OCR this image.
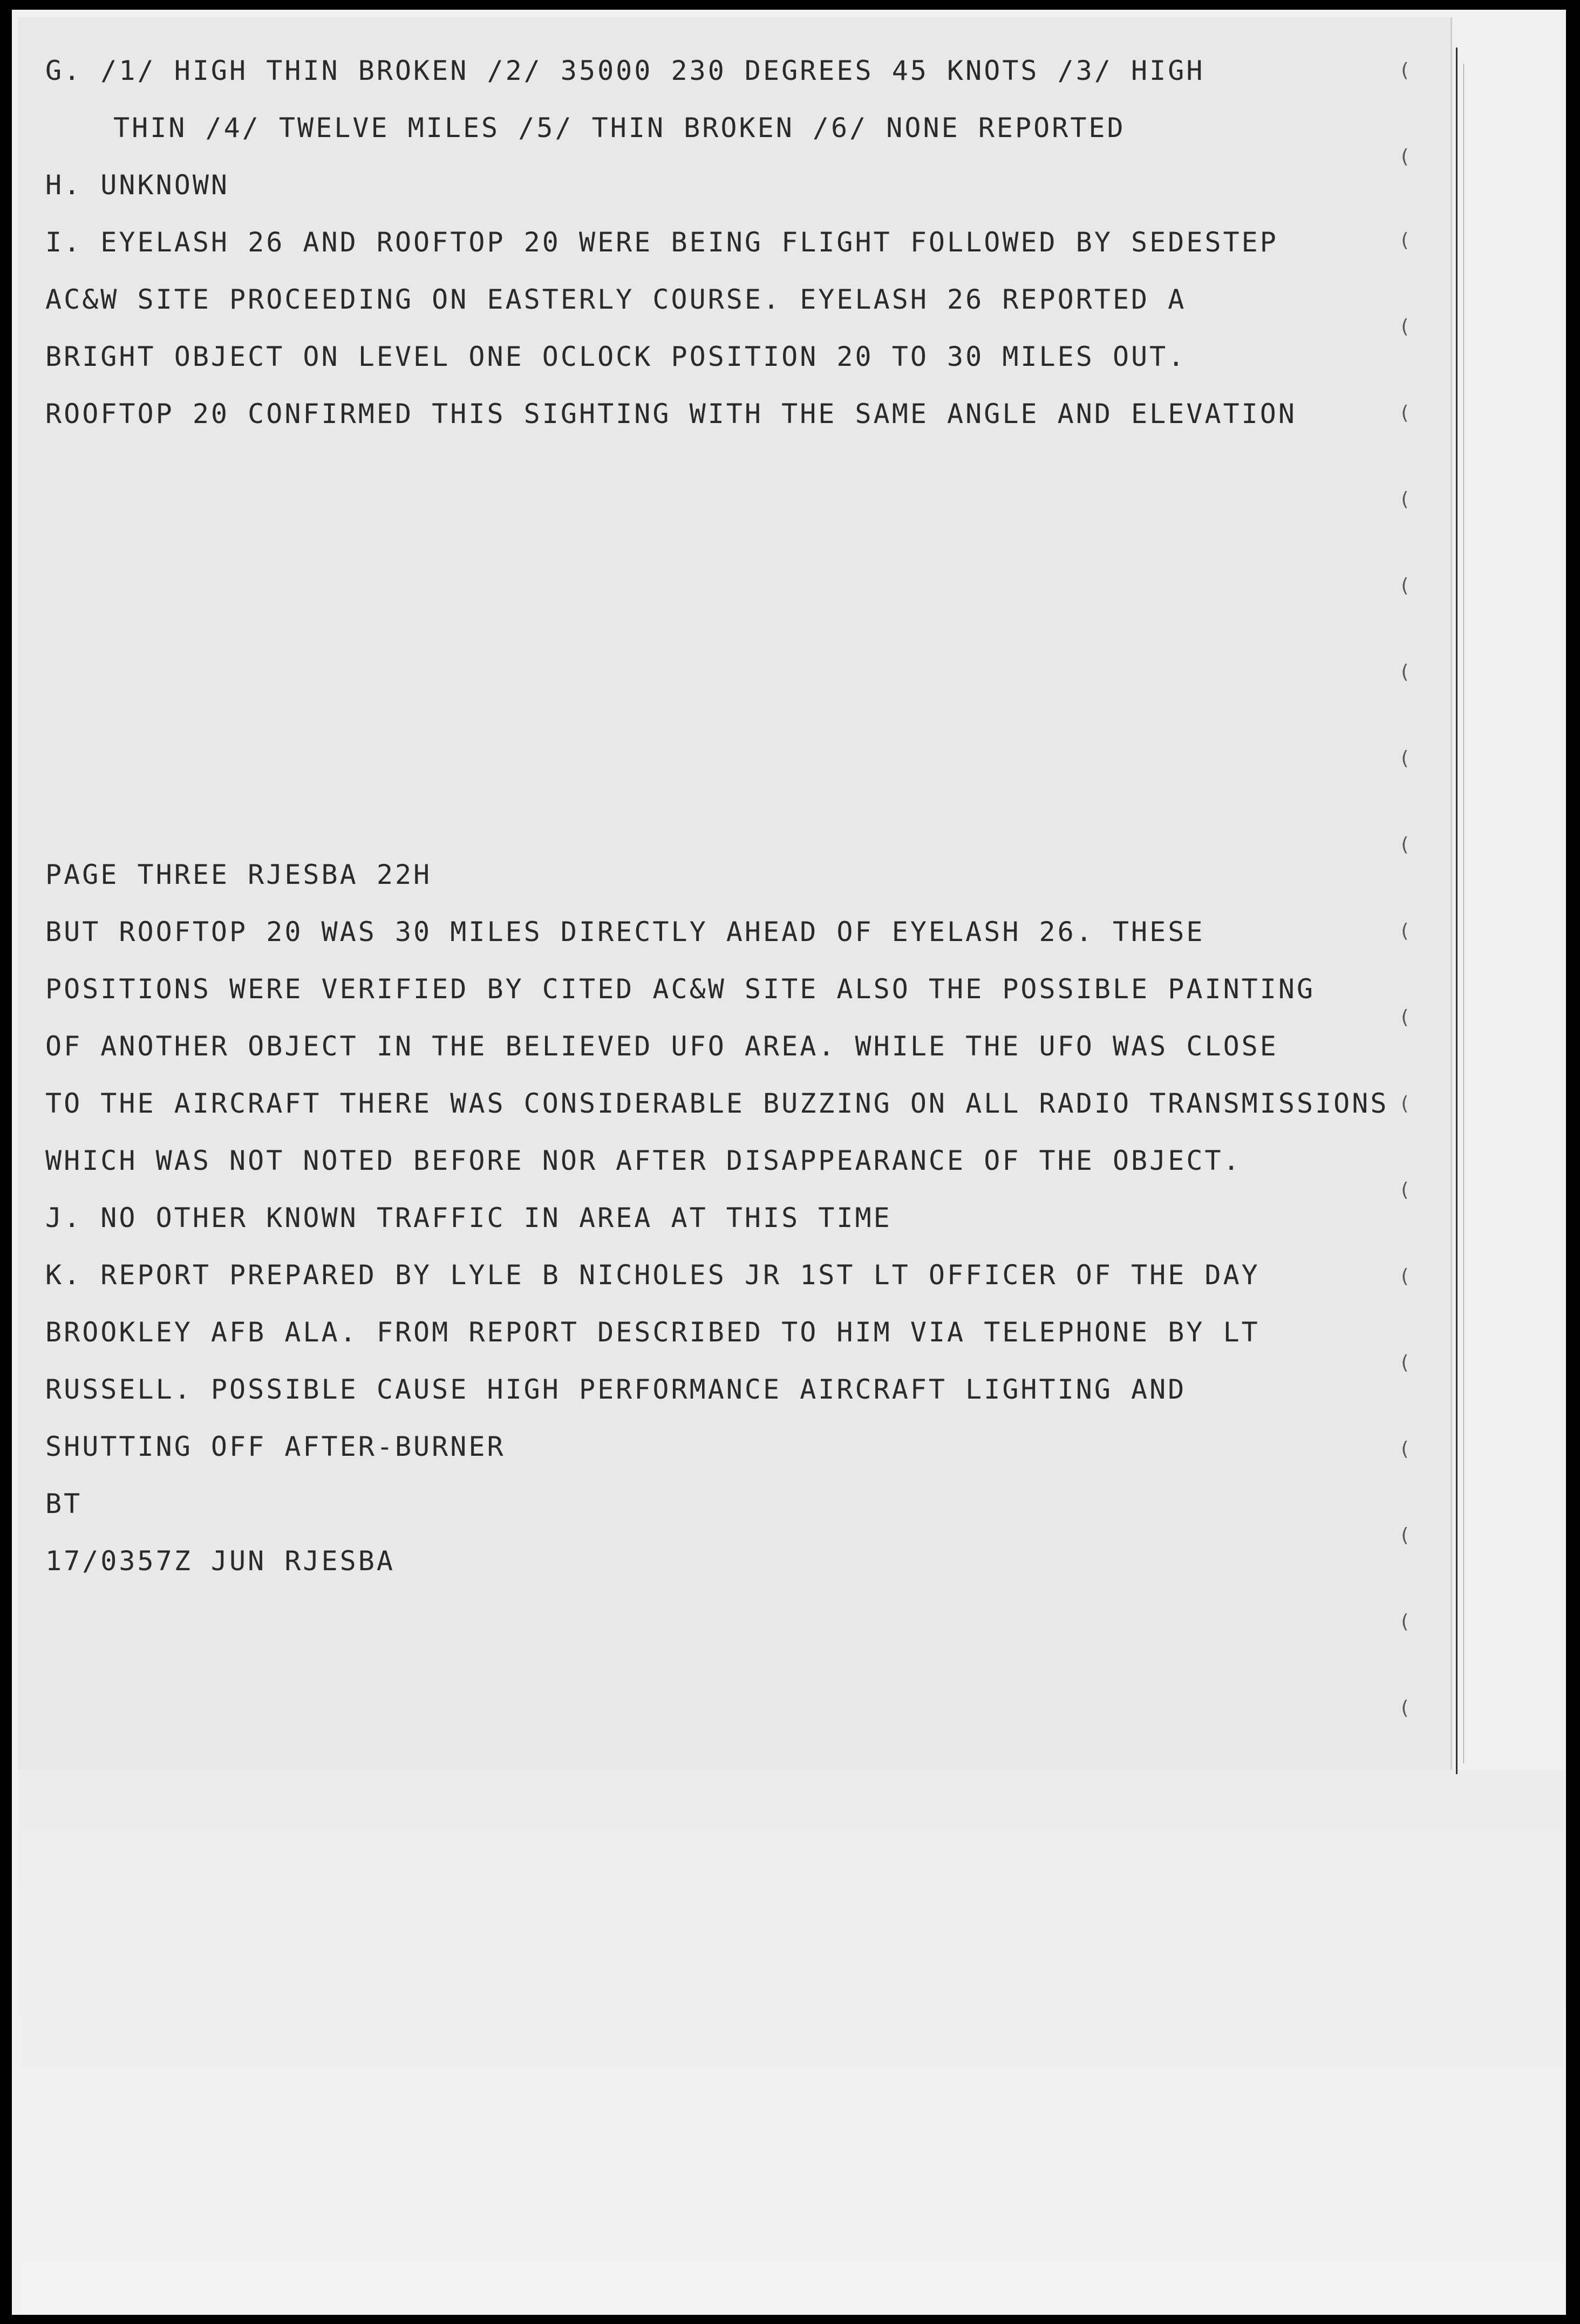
(
(
(
(
(
(
(
(
(
(
(
(
(
(
(
(
(
(
(
(

G. /1/ HIGH THIN BROKEN /2/ 35000 230 DEGREES 45 KNOTS /3/ HIGH

THIN /4/ TWELVE MILES /5/ THIN BROKEN /6/ NONE REPORTED

H. UNKNOWN

I. EYELASH 26 AND ROOFTOP 20 WERE BEING FLIGHT FOLLOWED BY SEDESTEP

AC&W SITE PROCEEDING ON EASTERLY COURSE. EYELASH 26 REPORTED A

BRIGHT OBJECT ON LEVEL ONE OCLOCK POSITION 20 TO 30 MILES OUT.

ROOFTOP 20 CONFIRMED THIS SIGHTING WITH THE SAME ANGLE AND ELEVATION

PAGE THREE RJESBA 22H

BUT ROOFTOP 20 WAS 30 MILES DIRECTLY AHEAD OF EYELASH 26. THESE

POSITIONS WERE VERIFIED BY CITED AC&W SITE ALSO THE POSSIBLE PAINTING

OF ANOTHER OBJECT IN THE BELIEVED UFO AREA. WHILE THE UFO WAS CLOSE

TO THE AIRCRAFT THERE WAS CONSIDERABLE BUZZING ON ALL RADIO TRANSMISSIONS

WHICH WAS NOT NOTED BEFORE NOR AFTER DISAPPEARANCE OF THE OBJECT.

J. NO OTHER KNOWN TRAFFIC IN AREA AT THIS TIME

K. REPORT PREPARED BY LYLE B NICHOLES JR 1ST LT OFFICER OF THE DAY

BROOKLEY AFB ALA. FROM REPORT DESCRIBED TO HIM VIA TELEPHONE BY LT

RUSSELL. POSSIBLE CAUSE HIGH PERFORMANCE AIRCRAFT LIGHTING AND

SHUTTING OFF AFTER-BURNER

BT

17/0357Z JUN RJESBA
